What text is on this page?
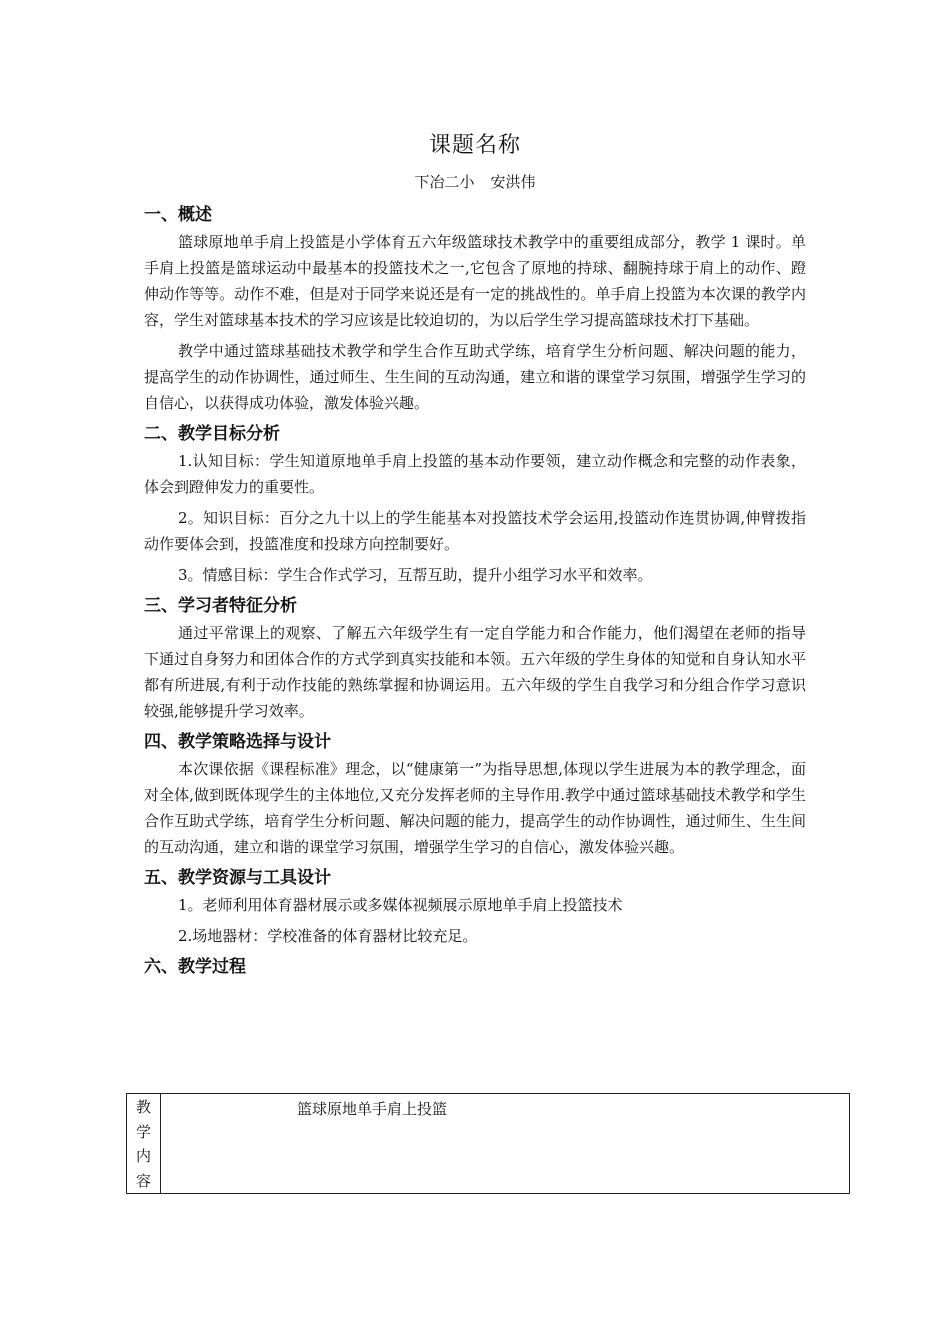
课题名称
下冶二小 安洪伟
一、概述

篮球原地单手肩上投篮是小学体育五六年级篮球技术教学中的重要组成部分，教学 1 课时。单手肩上投篮是篮球运动中最基本的投篮技术之一,它包含了原地的持球、翻腕持球于肩上的动作、蹬伸动作等等。动作不难，但是对于同学来说还是有一定的挑战性的。单手肩上投篮为本次课的教学内容，学生对篮球基本技术的学习应该是比较迫切的，为以后学生学习提高篮球技术打下基础。

教学中通过篮球基础技术教学和学生合作互助式学练，培育学生分析问题、解决问题的能力，提高学生的动作协调性，通过师生、生生间的互动沟通，建立和谐的课堂学习氛围，增强学生学习的自信心，以获得成功体验，激发体验兴趣。

二、教学目标分析

1.认知目标：学生知道原地单手肩上投篮的基本动作要领，建立动作概念和完整的动作表象，体会到蹬伸发力的重要性。

2。知识目标：百分之九十以上的学生能基本对投篮技术学会运用,投篮动作连贯协调,伸臂拨指动作要体会到，投篮准度和投球方向控制要好。

3。情感目标：学生合作式学习，互帮互助，提升小组学习水平和效率。

三、学习者特征分析

通过平常课上的观察、了解五六年级学生有一定自学能力和合作能力，他们渴望在老师的指导下通过自身努力和团体合作的方式学到真实技能和本领。五六年级的学生身体的知觉和自身认知水平都有所进展,有利于动作技能的熟练掌握和协调运用。五六年级的学生自我学习和分组合作学习意识较强,能够提升学习效率。

四、教学策略选择与设计

本次课依据《课程标准》理念，以“健康第一”为指导思想,体现以学生进展为本的教学理念，面对全体,做到既体现学生的主体地位,又充分发挥老师的主导作用.教学中通过篮球基础技术教学和学生合作互助式学练，培育学生分析问题、解决问题的能力，提高学生的动作协调性，通过师生、生生间的互动沟通，建立和谐的课堂学习氛围，增强学生学习的自信心，激发体验兴趣。

五、教学资源与工具设计

1。老师利用体育器材展示或多媒体视频展示原地单手肩上投篮技术

2.场地器材：学校准备的体育器材比较充足。

六、教学过程
教
学
内
容
篮球原地单手肩上投篮
